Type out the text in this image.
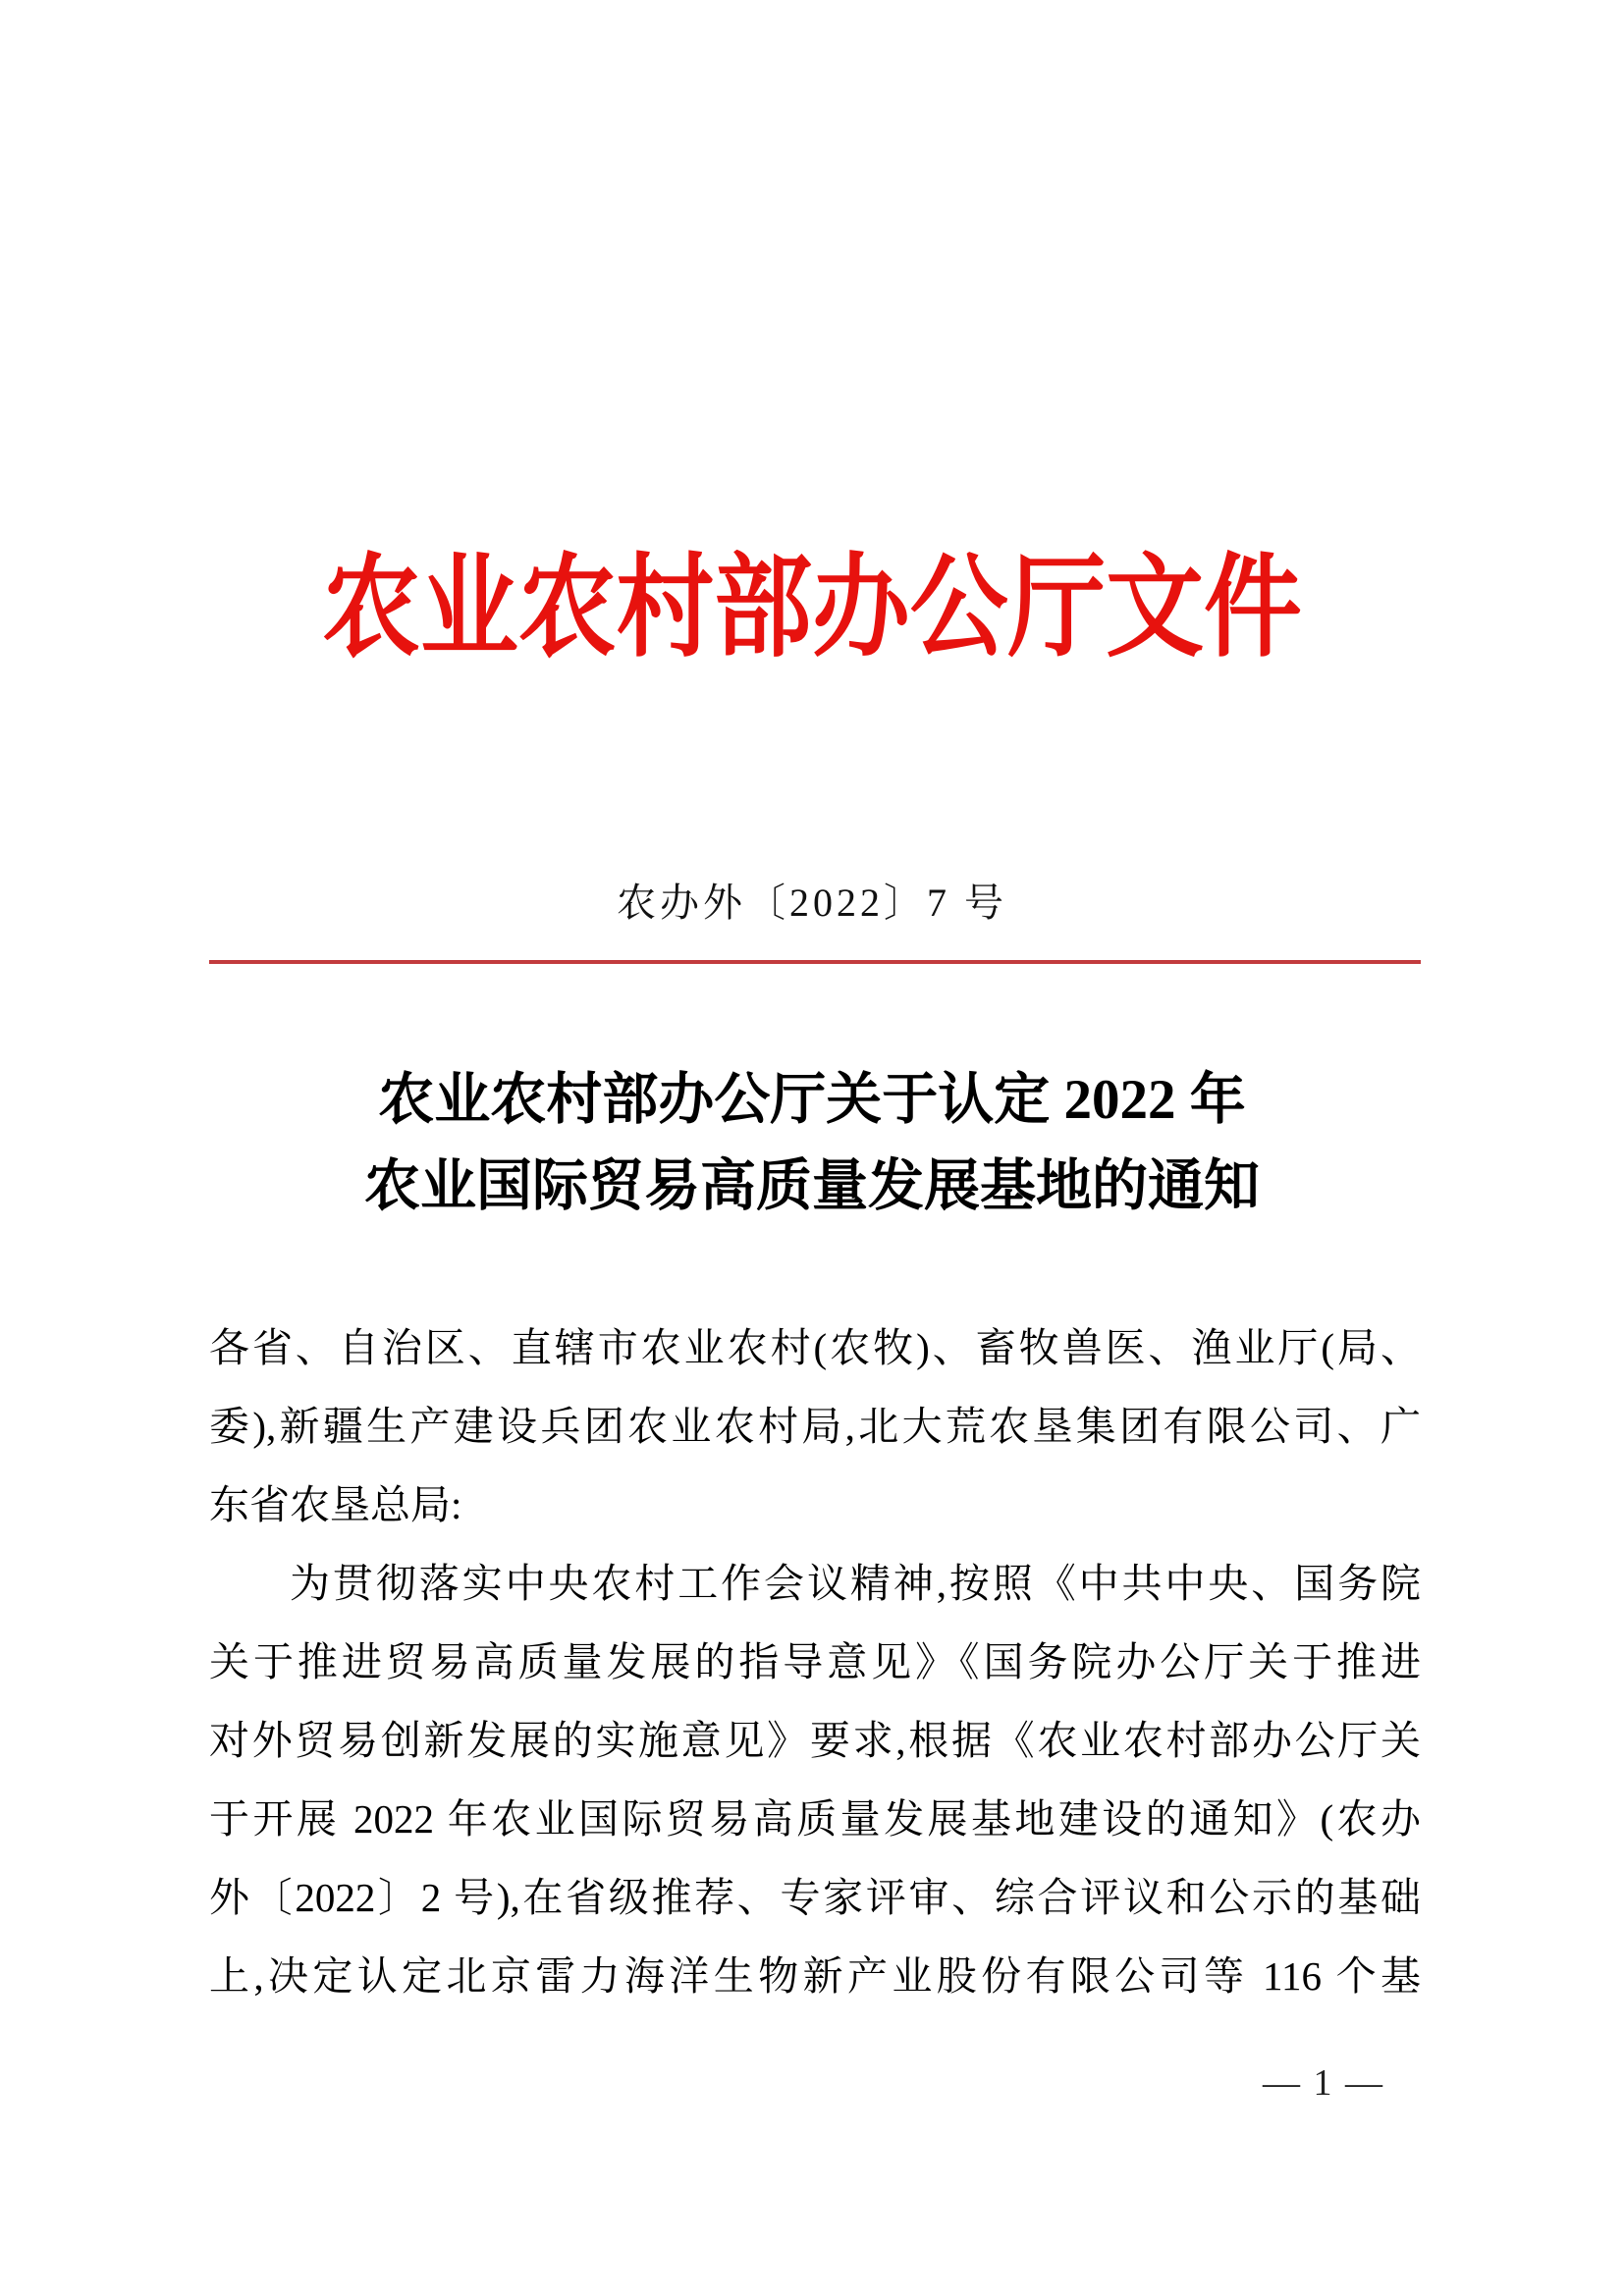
农业农村部办公厅文件
农办外〔2022〕7 号
农业农村部办公厅关于认定 2022 年
农业国际贸易高质量发展基地的通知
各省、自治区、直辖市农业农村(农牧)、畜牧兽医、渔业厅(局、
委),新疆生产建设兵团农业农村局,北大荒农垦集团有限公司、广
东省农垦总局:
为贯彻落实中央农村工作会议精神,按照《中共中央、国务院
关于推进贸易高质量发展的指导意见》《国务院办公厅关于推进
对外贸易创新发展的实施意见》要求,根据《农业农村部办公厅关
于开展 2022 年农业国际贸易高质量发展基地建设的通知》(农办
外〔2022〕2 号),在省级推荐、专家评审、综合评议和公示的基础
上,决定认定北京雷力海洋生物新产业股份有限公司等 116 个基
— 1 —
